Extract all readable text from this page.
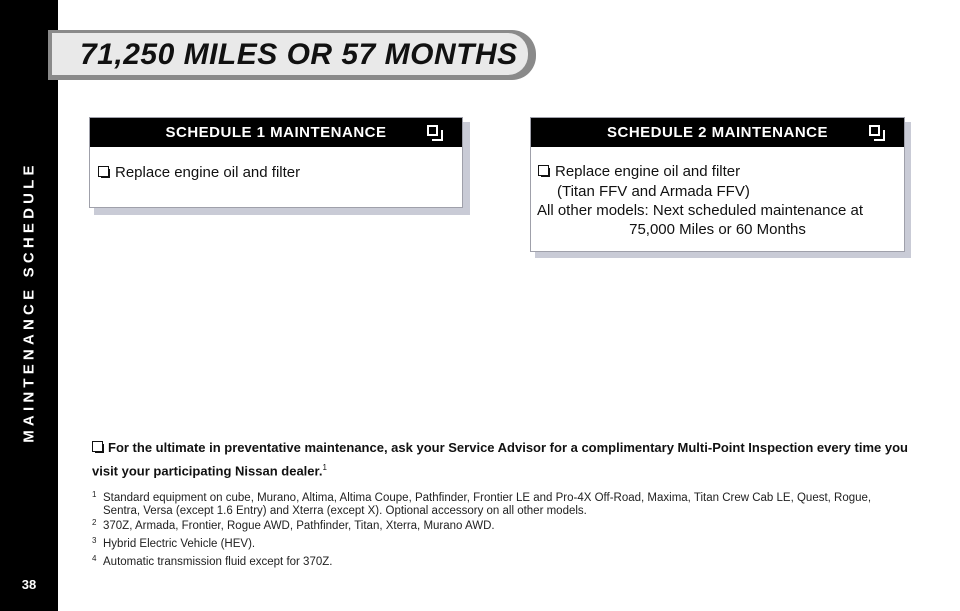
MAINTENANCE SCHEDULE
38
71,250 MILES OR 57 MONTHS
SCHEDULE 1 MAINTENANCE
Replace engine oil and filter
SCHEDULE 2 MAINTENANCE
Replace engine oil and filter
(Titan FFV and Armada FFV)
All other models: Next scheduled maintenance at
75,000 Miles or 60 Months
For the ultimate in preventative maintenance, ask your Service Advisor for a complimentary Multi-Point Inspection every time you visit your participating Nissan dealer.$^1$
1 Standard equipment on cube, Murano, Altima, Altima Coupe, Pathfinder, Frontier LE and Pro-4X Off-Road, Maxima, Titan Crew Cab LE, Quest, Rogue,
Sentra, Versa (except 1.6 Entry) and Xterra (except X). Optional accessory on all other models.
2 370Z, Armada, Frontier, Rogue AWD, Pathfinder, Titan, Xterra, Murano AWD.
3 Hybrid Electric Vehicle (HEV).
4 Automatic transmission fluid except for 370Z.
